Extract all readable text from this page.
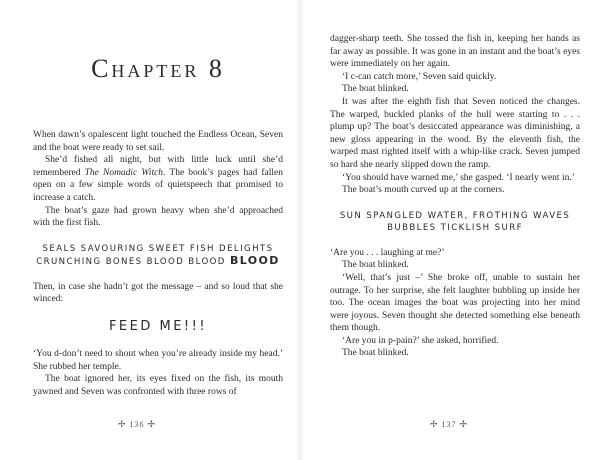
Chapter 8

When dawn’s opalescent light touched the Endless Ocean, Seven and the boat were ready to set sail.

She’d fished all night, but with little luck until she’d remembered The Nomadic Witch. The book’s pages had fallen open on a few simple words of quietspeech that promised to increase a catch.

The boat’s gaze had grown heavy when she’d approached with the first fish.

SEALS SAVOURING SWEET FISH DELIGHTS
CRUNCHING BONES BLOOD BLOOD BLOOD

Then, in case she hadn’t got the message – and so loud that she winced:

FEED ME!!!

‘You d-don’t need to shout when you’re already inside my head.’ She rubbed her temple.

The boat ignored her, its eyes fixed on the fish, its mouth yawned and Seven was confronted with three rows of

dagger-sharp teeth. She tossed the fish in, keeping her hands as far away as possible. It was gone in an instant and the boat’s eyes were immediately on her again.

‘I c-can catch more,’ Seven said quickly.

The boat blinked.

It was after the eighth fish that Seven noticed the changes. The warped, buckled planks of the hull were starting to . . . plump up? The boat’s desiccated appearance was diminishing, a new gloss appearing in the wood. By the eleventh fish, the warped mast righted itself with a whip-like crack. Seven jumped so hard she nearly slipped down the ramp.

‘You should have warned me,’ she gasped. ‘I nearly went in.’

The boat’s mouth curved up at the corners.

SUN SPANGLED WATER, FROTHING WAVES
BUBBLES TICKLISH SURF

‘Are you . . . laughing at me?’

The boat blinked.

‘Well, that’s just –’ She broke off, unable to sustain her outrage. To her surprise, she felt laughter bubbling up inside her too. The ocean images the boat was projecting into her mind were joyous. Seven thought she detected something else beneath them though.

‘Are you in p-pain?’ she asked, horrified.

The boat blinked.

✢ 136 ✢	✢ 137 ✢
